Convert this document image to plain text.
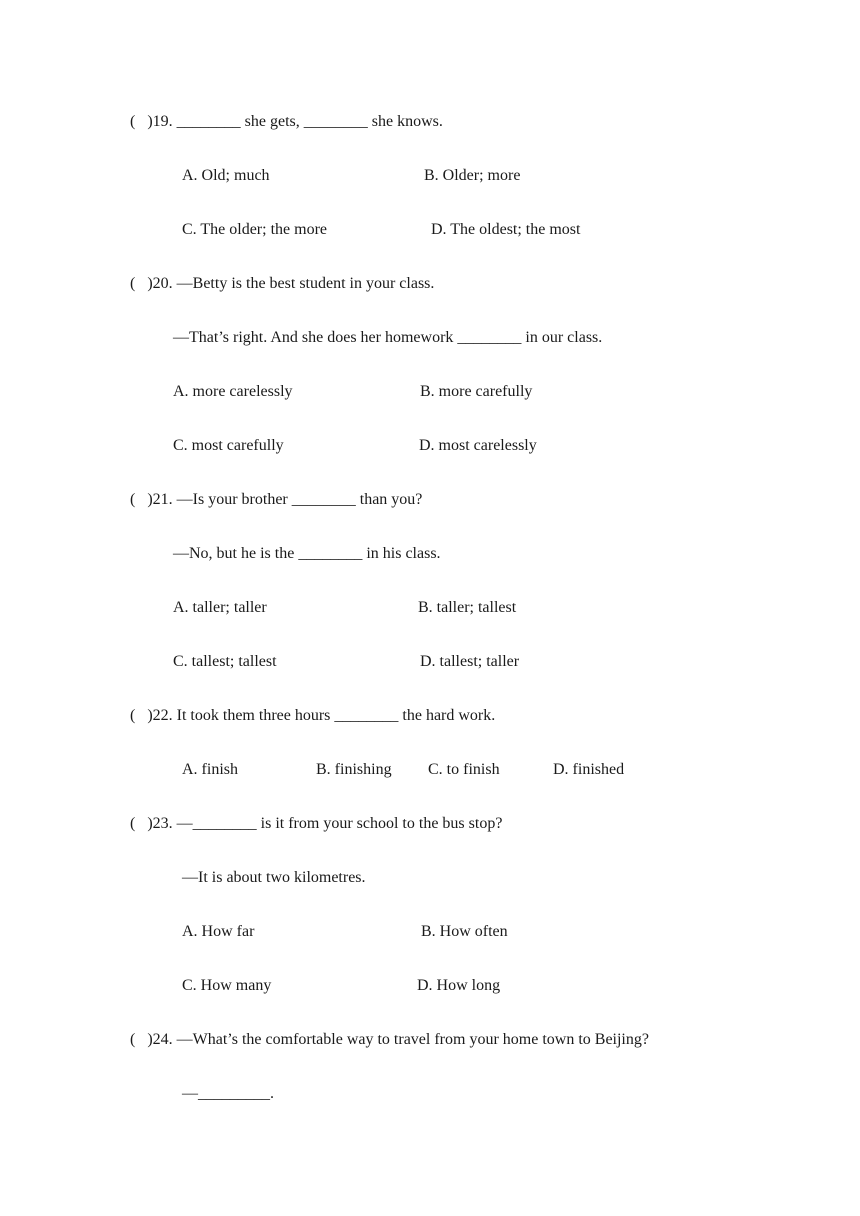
(   )19. ________ she gets, ________ she knows.
A. Old; much	B. Older; more
C. The older; the more	D. The oldest; the most
(   )20. —Betty is the best student in your class.
—That’s right. And she does her homework ________ in our class.
A. more carelessly	B. more carefully
C. most carefully	D. most carelessly
(   )21. —Is your brother ________ than you?
—No, but he is the ________ in his class.
A. taller; taller	B. taller; tallest
C. tallest; tallest	D. tallest; taller
(   )22. It took them three hours ________ the hard work.
A. finish	B. finishing C. to finish	D. finished
(   )23. —________ is it from your school to the bus stop?
—It is about two kilometres.
A. How far	B. How often
C. How many	D. How long
(   )24. —What’s the comfortable way to travel from your home town to Beijing?
—_________.
